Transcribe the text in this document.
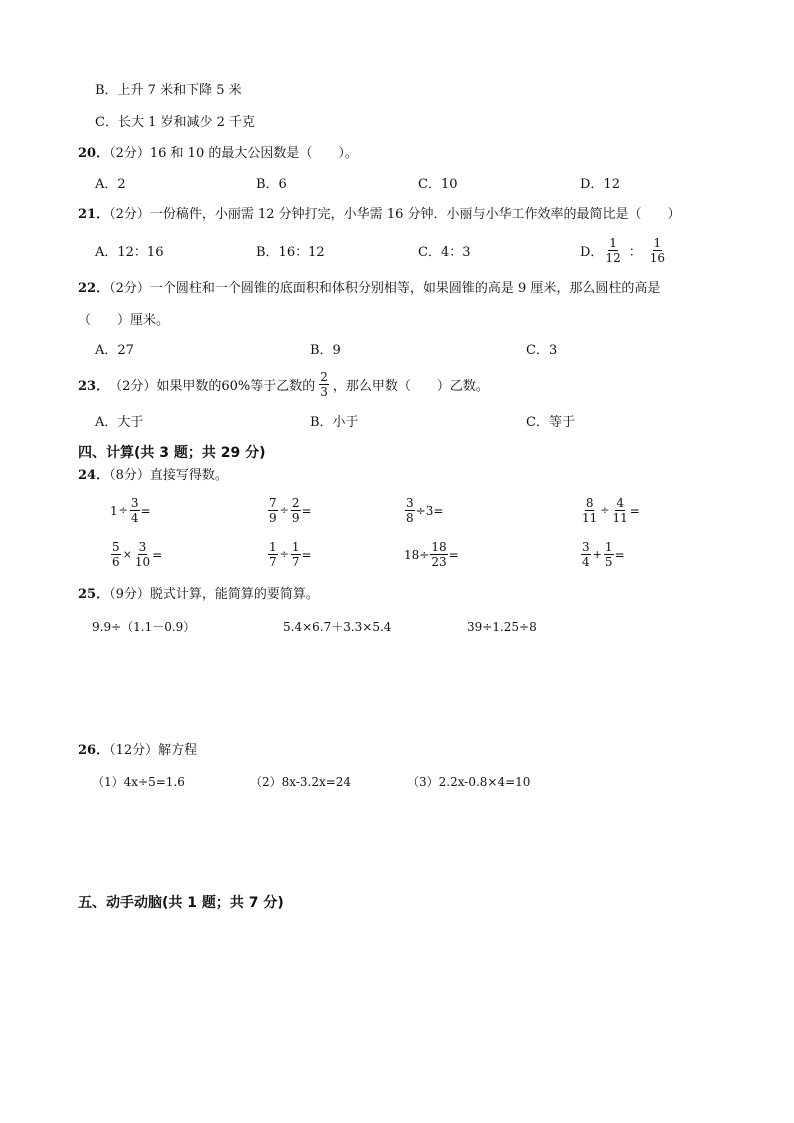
B．上升 7 米和下降 5 米
C．长大 1 岁和减少 2 千克
20．（2分）16 和 10 的最大公因数是（　　）。
A．2	B．6	C．10	D．12
21．（2分）一份稿件，小丽需 12 分钟打完，小华需 16 分钟．小丽与小华工作效率的最简比是（　　）
A．12：16	B．16：12	C．4：3	D． $\frac{1}{12}$ ： $\frac{1}{16}$
22．（2分）一个圆柱和一个圆锥的底面积和体积分别相等，如果圆锥的高是 9 厘米，那么圆柱的高是
（　　）厘米。
A．27	B．9	C．3
23． （2分） 如果甲数的60%等于乙数的 $\frac{2}{3}$ ，那么甲数（　　）乙数。
A．大于	B．小于	C．等于
四、计算(共 3 题；共 29 分)
24．（8分）直接写得数。
$1 \div \frac{3}{4}$ =	$\frac{7}{9} \div \frac{2}{9}$ =	$\frac{3}{8} \div 3$ =	$\frac{8}{11} \div \frac{4}{11}$ =
$\frac{5}{6} \times \frac{3}{10}$ =	$\frac{1}{7} \div \frac{1}{7}$ =	$18\div \frac{18}{23}$ =	$\frac{3}{4} + \frac{1}{5}$ =
25．（9分）脱式计算，能简算的要简算。
9.9÷（1.1－0.9）	5.4×6.7＋3.3×5.4	39÷1.25÷8
26．（12分）解方程
（1）4x÷5=1.6	（2）8x-3.2x=24	（3）2.2x-0.8×4=10
五、动手动脑(共 1 题；共 7 分)
